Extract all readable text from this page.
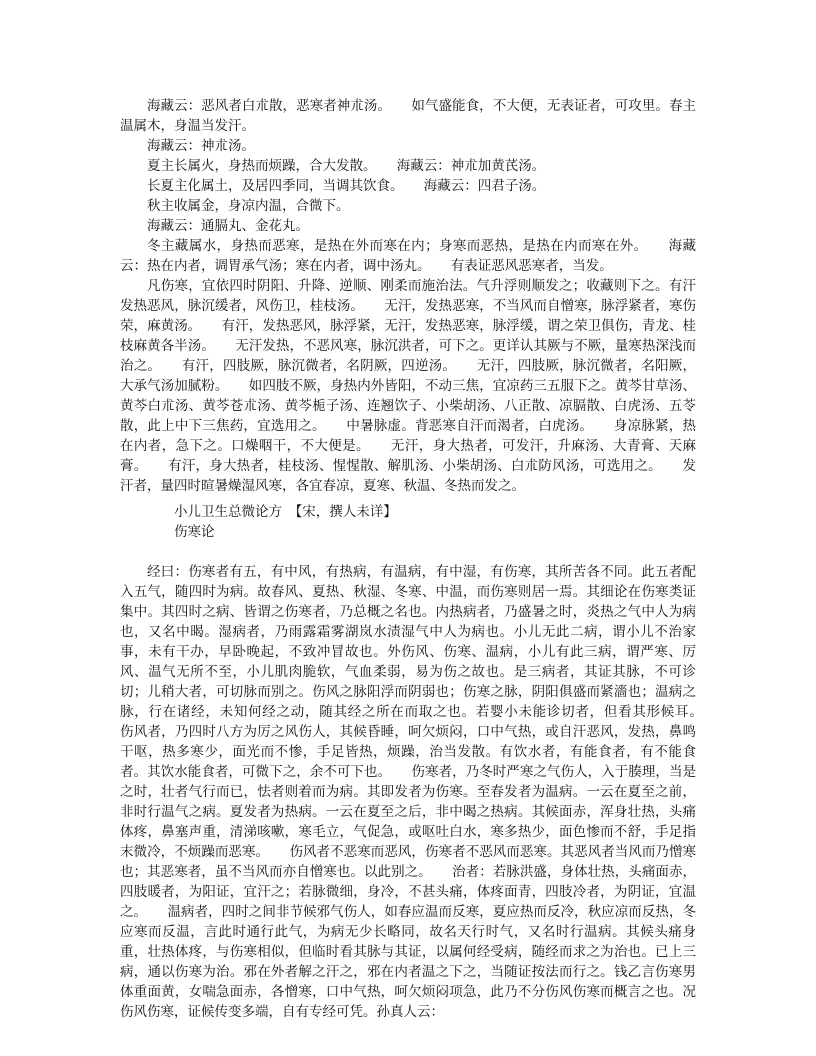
海藏云：恶风者白朮散，恶寒者神朮汤。　　如气盛能食，不大便，无表证者，可攻里。春主温属木，身温当发汗。

海藏云：神朮汤。

夏主长属火，身热而烦躁，合大发散。　　海藏云：神朮加黄芪汤。

长夏主化属土，及居四季同，当调其饮食。　　海藏云：四君子汤。

秋主收属金，身凉内温，合微下。

海藏云：通膈丸、金花丸。

冬主藏属水，身热而恶寒，是热在外而寒在内；身寒而恶热，是热在内而寒在外。　　海藏云：热在内者，调胃承气汤；寒在内者，调中汤丸。　　有表证恶风恶寒者，当发。

凡伤寒，宜依四时阴阳、升降、逆顺、刚柔而施治法。气升浮则顺发之；收藏则下之。有汗发热恶风，脉沉缓者，风伤卫，桂枝汤。　　无汗，发热恶寒，不当风而自憎寒，脉浮紧者，寒伤荣，麻黄汤。　　有汗，发热恶风，脉浮紧，无汗，发热恶寒，脉浮缓，谓之荣卫俱伤，青龙、桂枝麻黄各半汤。　　无汗发热，不恶风寒，脉沉洪者，可下之。更详认其厥与不厥，量寒热深浅而治之。　　有汗，四肢厥，脉沉微者，名阴厥，四逆汤。　　无汗，四肢厥，脉沉微者，名阳厥，大承气汤加腻粉。　　如四肢不厥，身热内外皆阳，不动三焦，宜凉药三五服下之。黄芩甘草汤、黄芩白朮汤、黄芩苍朮汤、黄芩栀子汤、连翘饮子、小柴胡汤、八正散、凉膈散、白虎汤、五苓散，此上中下三焦药，宜选用之。　　中暑脉虚。背恶寒自汗而渴者，白虎汤。　　身凉脉紧，热在内者，急下之。口燥咽干，不大便是。　　无汗，身大热者，可发汗，升麻汤、大青膏、天麻膏。　　有汗，身大热者，桂枝汤、惺惺散、解肌汤、小柴胡汤、白朮防风汤，可选用之。　　发汗者，量四时暄暑燥湿风寒，各宜春凉，夏寒、秋温、冬热而发之。

小儿卫生总微论方　【宋，撰人未详】
伤寒论

经曰：伤寒者有五，有中风，有热病，有温病，有中湿，有伤寒，其所苦各不同。此五者配入五气，随四时为病。故春风、夏热、秋湿、冬寒、中温，而伤寒则居一焉。其细论在伤寒类证集中。其四时之病、皆谓之伤寒者，乃总概之名也。内热病者，乃盛暑之时，炎热之气中人为病也，又名中暍。湿病者，乃雨露霜雾湖岚水渍湿气中人为病也。小儿无此二病，谓小儿不治家事，未有干办，早卧晚起，不致冲冒故也。外伤风、伤寒、温病，小儿有此三病，谓严寒、厉风、温气无所不至，小儿肌肉脆软，气血柔弱，易为伤之故也。是三病者，其证其脉，不可诊切；儿稍大者，可切脉而别之。伤风之脉阳浮而阴弱也；伤寒之脉，阴阳俱盛而紧濇也；温病之脉，行在诸经，未知何经之动，随其经之所在而取之也。若婴小未能诊切者，但看其形候耳。　　伤风者，乃四时八方为厉之风伤人，其候昏睡，呵欠烦闷，口中气热，或自汗恶风，发热，鼻鸣干呕，热多寒少，面光而不惨，手足皆热，烦躁，治当发散。有饮水者，有能食者，有不能食者。其饮水能食者，可微下之，余不可下也。　　伤寒者，乃冬时严寒之气伤人，入于腠理，当是之时，壮者气行而已，怯者则着而为病。其即发者为伤寒。至春发者为温病。一云在夏至之前，非时行温气之病。夏发者为热病。一云在夏至之后，非中暍之热病。其候面赤，浑身壮热，头痛体疼，鼻塞声重，清涕咳嗽，寒毛立，气促急，或呕吐白水，寒多热少，面色惨而不舒，手足指末微冷，不烦躁而恶寒。　　伤风者不恶寒而恶风，伤寒者不恶风而恶寒。其恶风者当风而乃憎寒也；其恶寒者，虽不当风而亦自憎寒也。以此别之。　　治者：若脉洪盛，身体壮热，头痛面赤，四肢暖者，为阳证，宜汗之；若脉微细，身冷，不甚头痛，体疼面青，四肢冷者，为阴证，宜温之。　　温病者，四时之间非节候邪气伤人，如春应温而反寒，夏应热而反冷，秋应凉而反热，冬应寒而反温，言此时通行此气，为病无少长略同，故名天行时气，又名时行温病。其候头痛身重，壮热体疼，与伤寒相似，但临时看其脉与其证，以属何经受病，随经而求之为治也。已上三病，通以伤寒为治。邪在外者解之汗之，邪在内者温之下之，当随证按法而行之。钱乙言伤寒男体重面黄，女喘急面赤，各憎寒，口中气热，呵欠烦闷项急，此乃不分伤风伤寒而概言之也。况伤风伤寒，证候传变多端，自有专经可凭。孙真人云：
